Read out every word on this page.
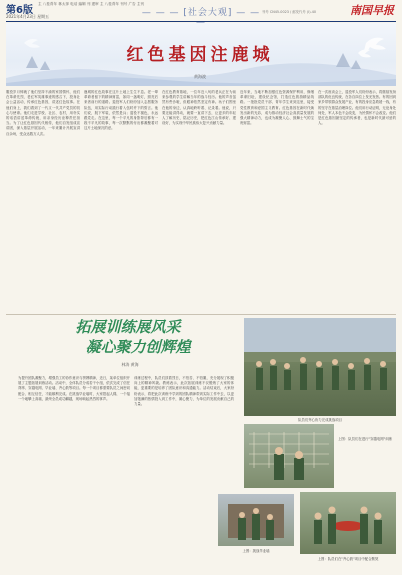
第6版
主 八桂青年 林太萍 电话 编辑 刊 建审 主 八桂青年 刊号 广告 主刊
2021年4月23日 星期五	— — — [社会大观] — — 刊号 CN45-0023 / 邮发代号 (I)-40	南国早报
红色基因注鹿城
黄海波
服役岁月铸就了他们坚持不渝的家国情怀，他们在革命先烈、老红军英雄事迹的感召下，投身社会公益活动，传承红色基因，讲述红色故事。在他们身上，我们看到了一代又一代共产党员的初心与使命。他们走进学校、社区、农村，用朴实的话语讲述革命传统，用亲身经历诠释责任担当。为了让红色基因代代相传，他们自发组成宣讲团，深入基层开展活动，一年来累计开展宣讲百余场，受众达数万人次。
鹿城的红色故事在这片土地上生生不息。老一辈革命者留下的精神财富，如同一盏明灯，照亮后来者前行的道路。退役军人们纷纷加入志愿服务队伍，用实际行动践行着入伍时许下的誓言。他们说，脱下军装，依然是兵；退役不褪色，永远跟党走。在这里，每一个平凡的身影背后都有一段不平凡的故事，每一次默默的付出都凝聚着对这片土地深沉的爱。
在红色教育基地，一位年近八旬的老兵正在为前来参观的学生讲解当年的战斗经历。他的声音虽然有些沙哑，但眼神依然坚定有神。孩子们围坐在他的身边，认真地聆听着、记录着。他说，只要还能讲得动，就要一直讲下去，让更多的年轻人了解历史、铭记历史，把红色江山传承好、建设好，为实现中华民族伟大复兴贡献力量。
近年来，当地不断加强红色资源保护利用，修缮革命旧址，建设纪念馆，打造红色旅游精品线路。一批批党员干部、青年学生来到这里，接受党性教育和爱国主义教育。红色基因在新时代焕发出新的光彩，成为推动经济社会高质量发展的强大精神动力，也成为凝聚人心、鼓舞士气的宝贵财富。
在一次座谈会上，退役军人们纷纷表示，将继续发扬部队的优良传统，在各自岗位上发光发热。有的回到家乡带领群众发展产业，有的投身应急救援一线，有的坚守在基层治理岗位。他们用行动证明，无论身处何处，军人本色不会改变，为民情怀不会改变。他们是红色基因最坚定的传承者，也是新时代最可爱的人。
拓展训练展风采
凝心聚力创辉煌
林涛 黄海
为提升团队凝聚力，增强员工的协作意识与拼搏精神，近日，某单位组织开展了主题拓展训练活动。活动中，全体队员分成若干小组，依次完成了信任背摔、穿越电网、毕业墙、齐心鼓等项目。每一个项目都需要队员之间密切配合、相互信任，才能顺利完成。在挑战毕业墙时，大家搭起人梯，一个接一个地攀上高墙，最终全员成功翻越，现场响起热烈的掌声。
训练过程中，队员们顶着烈日，不怕苦、不怕累，充分展现了积极向上的精神风貌。教练表示，此次拓展训练不仅锻炼了大家的体能，更重要的是培养了团队意识和沟通能力。活动结束后，大家纷纷表示，将把此次训练中学到的团队精神带到实际工作中去，以更加饱满的热情投入到工作中，凝心聚力，为单位的发展贡献自己的力量。
队员们齐心协力完成挑战项目
上图：队员们在进行"穿越电网"训练
上图：挑战毕业墙
上图：队员们在"齐心鼓"项目中配合默契
